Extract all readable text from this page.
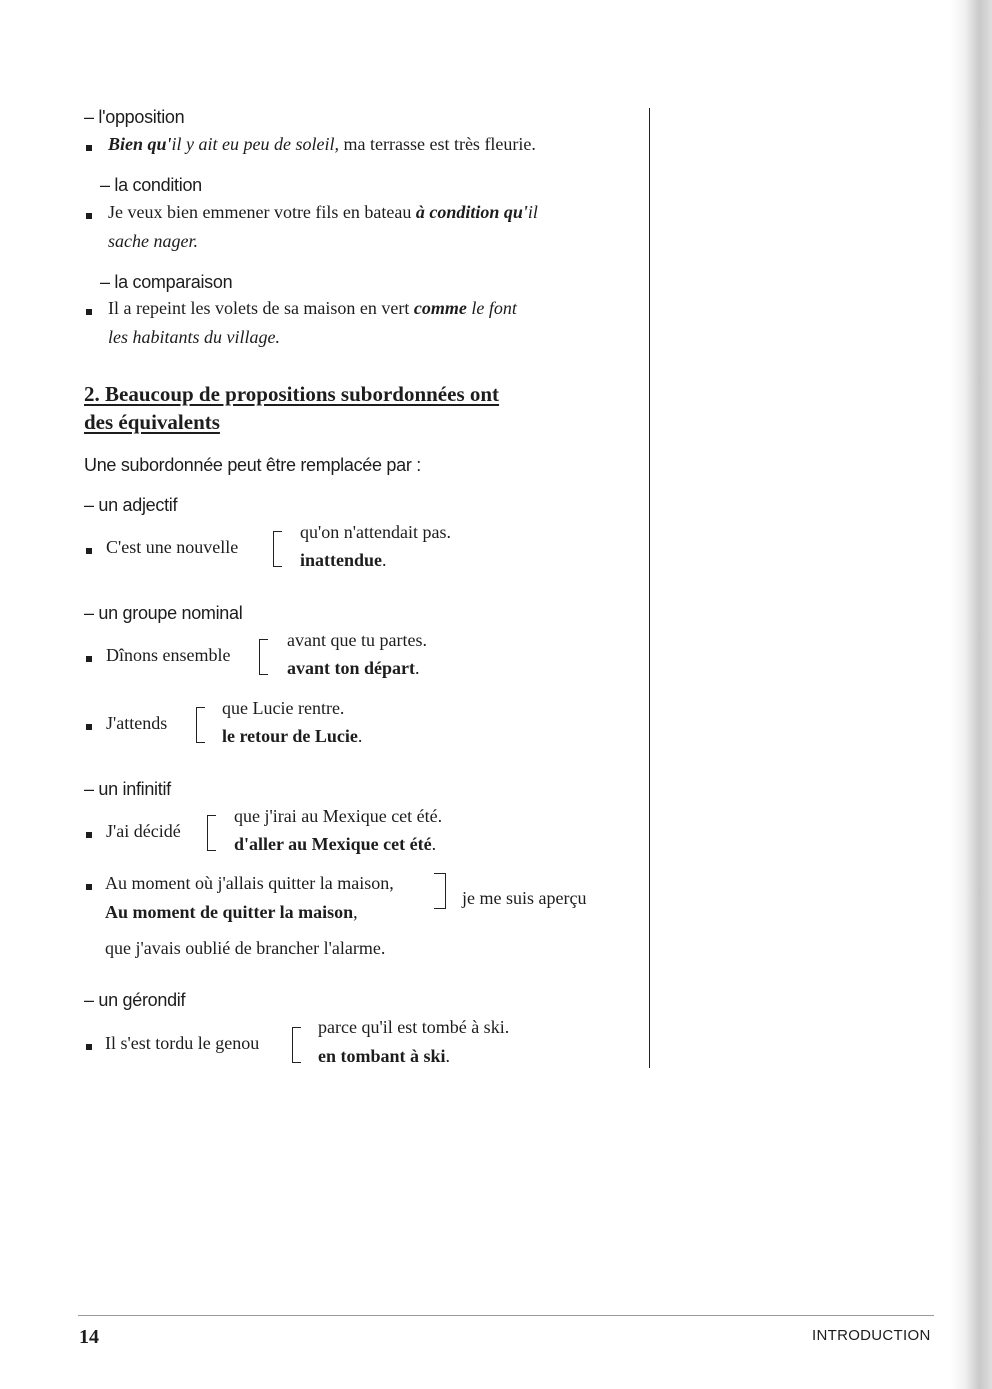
– l'opposition
Bien qu'il y ait eu peu de soleil, ma terrasse est très fleurie.
– la condition
Je veux bien emmener votre fils en bateau à condition qu'il
sache nager.
– la comparaison
Il a repeint les volets de sa maison en vert comme le font
les habitants du village.
2. Beaucoup de propositions subordonnées ont
des équivalents
Une subordonnée peut être remplacée par :
– un adjectif
C'est une nouvelle
qu'on n'attendait pas.
inattendue.
– un groupe nominal
Dînons ensemble
avant que tu partes.
avant ton départ.
J'attends
que Lucie rentre.
le retour de Lucie.
– un infinitif
J'ai décidé
que j'irai au Mexique cet été.
d'aller au Mexique cet été.
Au moment où j'allais quitter la maison,
Au moment de quitter la maison,
je me suis aperçu
que j'avais oublié de brancher l'alarme.
– un gérondif
Il s'est tordu le genou
parce qu'il est tombé à ski.
en tombant à ski.
14	INTRODUCTION
